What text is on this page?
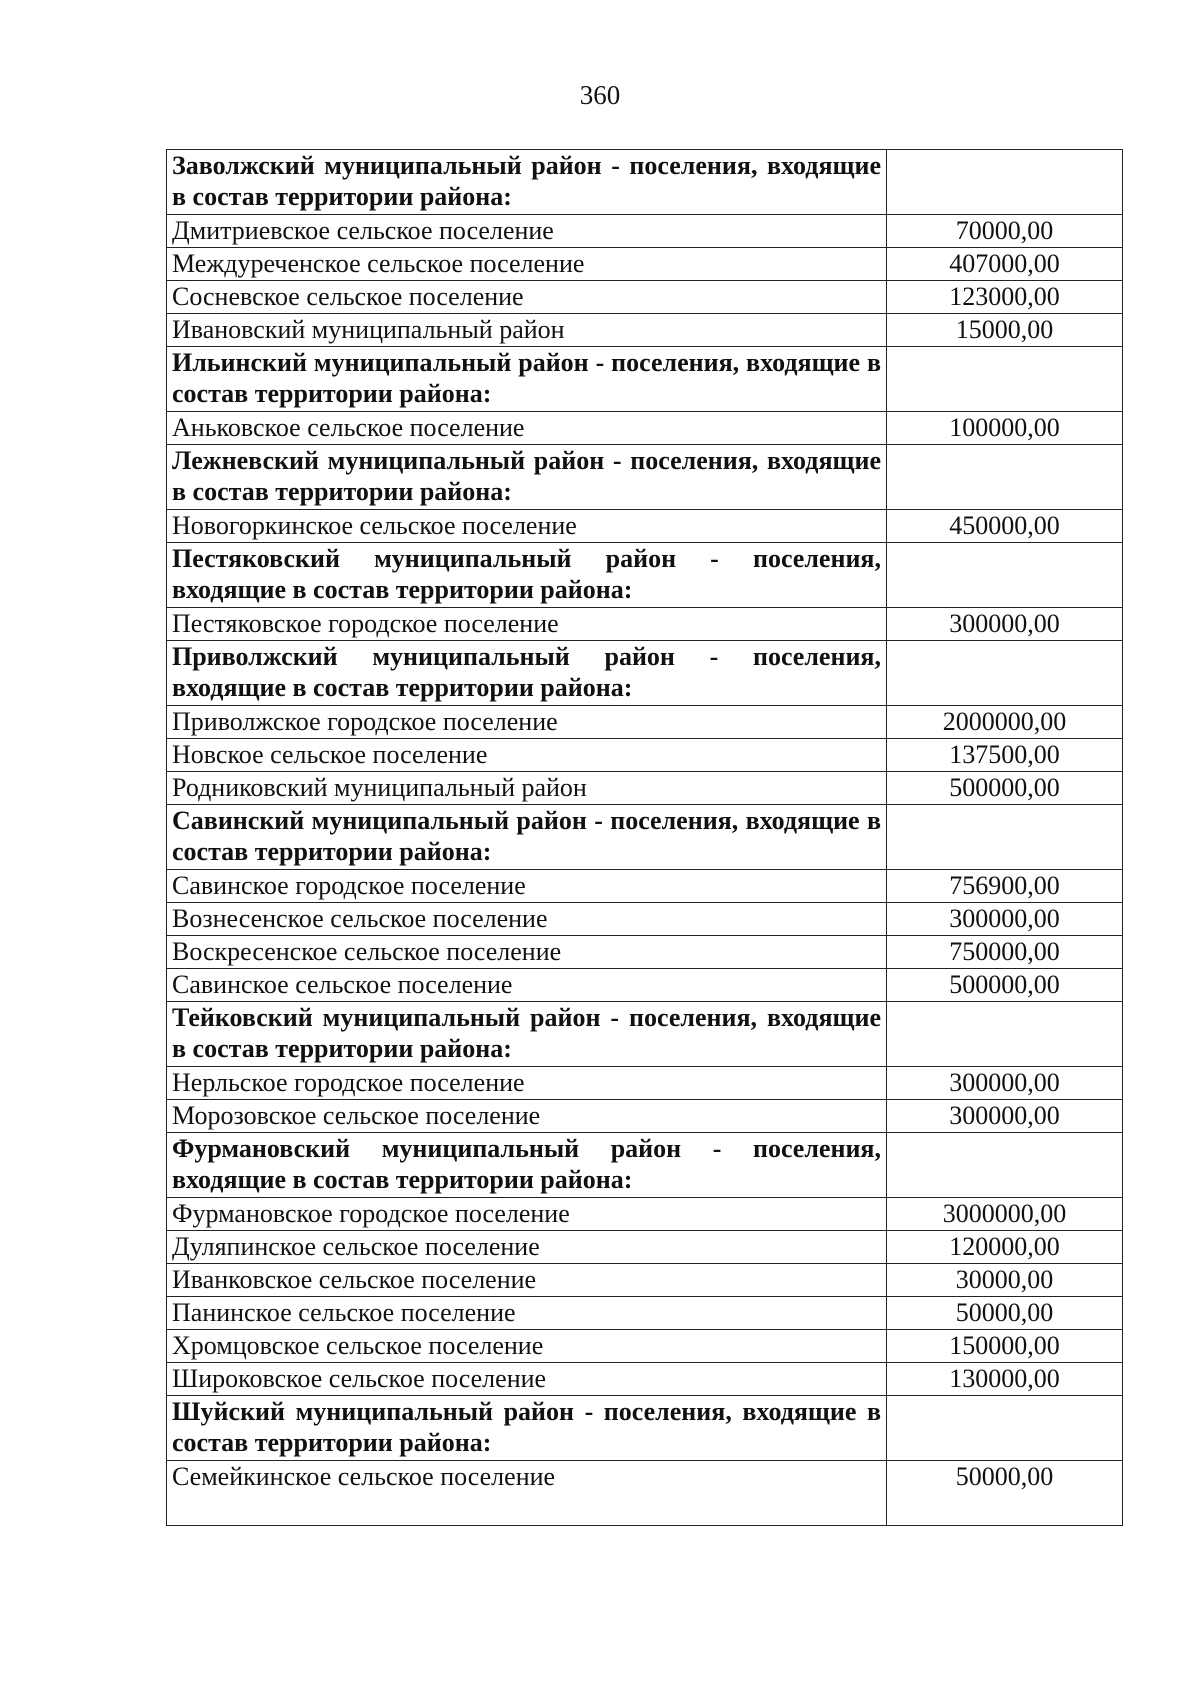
360
Заволжский муниципальный район - поселения, входящие в состав территории района:	
Дмитриевское сельское поселение	70000,00
Междуреченское сельское поселение	407000,00
Сосневское сельское поселение	123000,00
Ивановский муниципальный район	15000,00
Ильинский муниципальный район - поселения, входящие в состав территории района:	
Аньковское сельское поселение	100000,00
Лежневский муниципальный район - поселения, входящие в состав территории района:	
Новогоркинское сельское поселение	450000,00
Пестяковский муниципальный район - поселения, входящие в состав территории района:	
Пестяковское городское поселение	300000,00
Приволжский муниципальный район - поселения, входящие в состав территории района:	
Приволжское городское поселение	2000000,00
Новское сельское поселение	137500,00
Родниковский муниципальный район	500000,00
Савинский муниципальный район - поселения, входящие в состав территории района:	
Савинское городское поселение	756900,00
Вознесенское сельское поселение	300000,00
Воскресенское сельское поселение	750000,00
Савинское сельское поселение	500000,00
Тейковский муниципальный район - поселения, входящие в состав территории района:	
Нерльское городское поселение	300000,00
Морозовское сельское поселение	300000,00
Фурмановский муниципальный район - поселения, входящие в состав территории района:	
Фурмановское городское поселение	3000000,00
Дуляпинское сельское поселение	120000,00
Иванковское сельское поселение	30000,00
Панинское сельское поселение	50000,00
Хромцовское сельское поселение	150000,00
Широковское сельское поселение	130000,00
Шуйский муниципальный район - поселения, входящие в состав территории района:	
Семейкинское сельское поселение	50000,00
